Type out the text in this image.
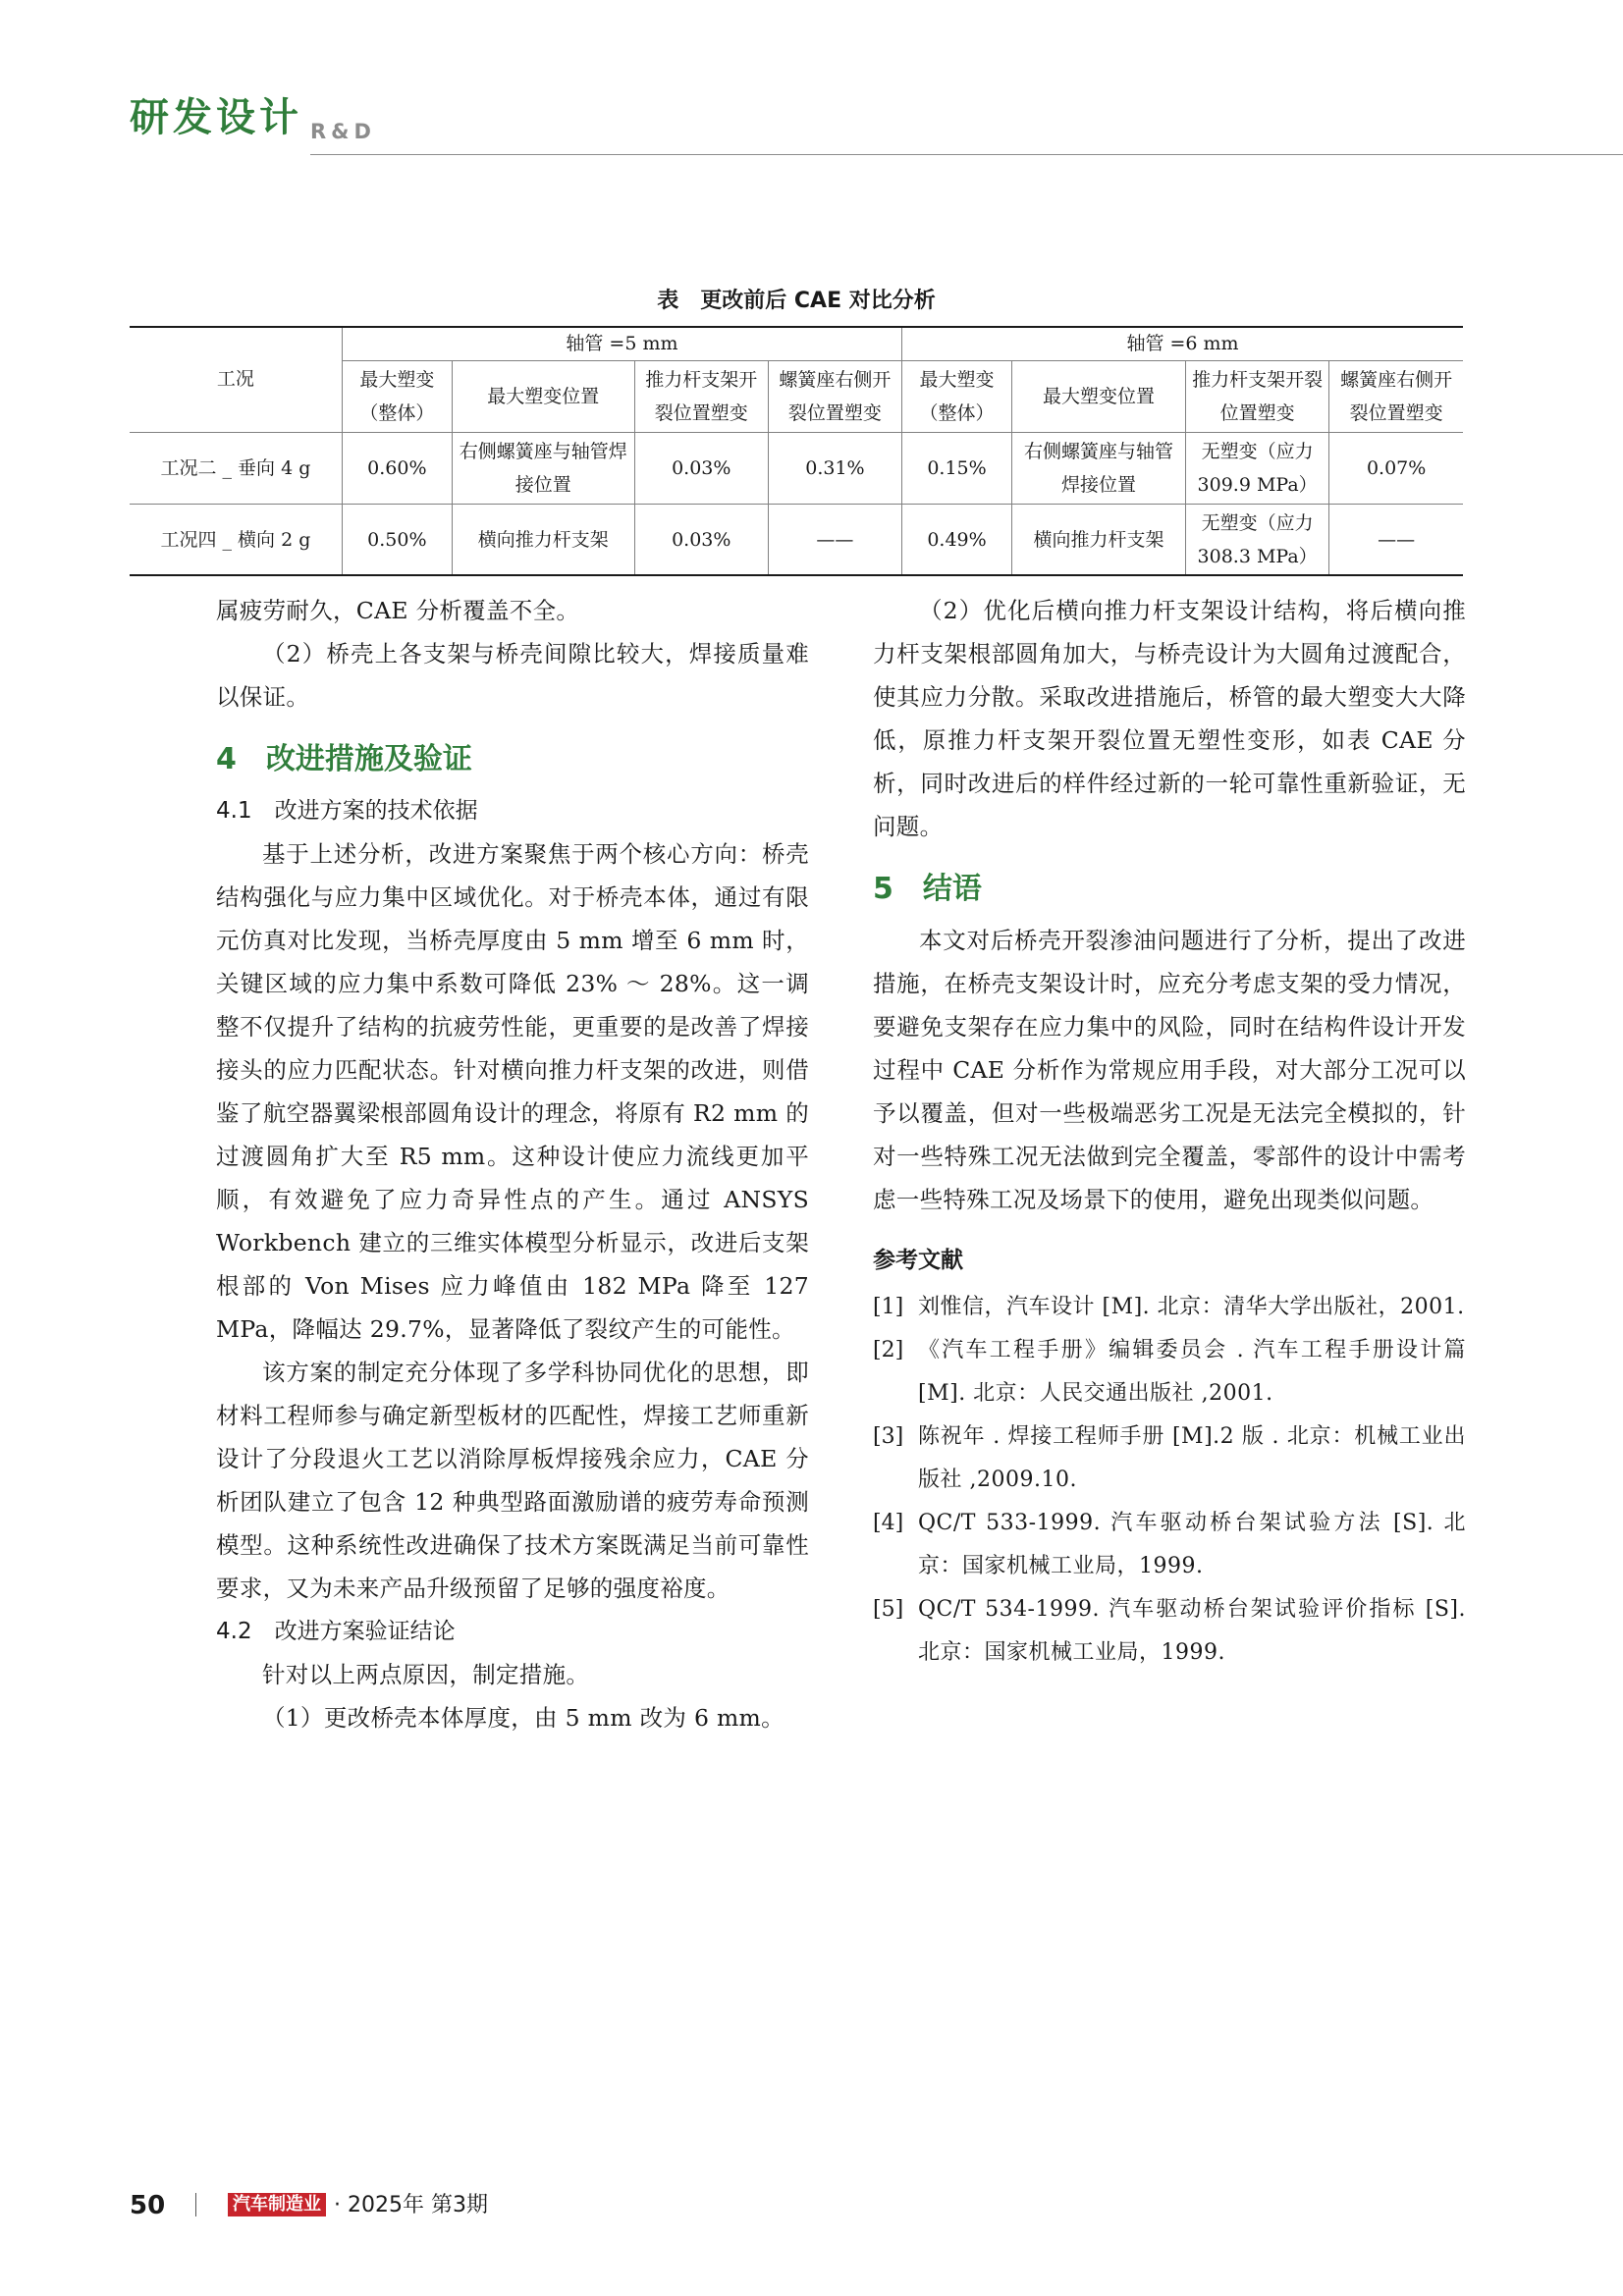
研发设计 R&D
表　更改前后 CAE 对比分析
工况	轴管 =5 mm				轴管 =6 mm			
	最大塑变（整体）	最大塑变位置	推力杆支架开裂位置塑变	螺簧座右侧开裂位置塑变	最大塑变（整体）	最大塑变位置	推力杆支架开裂位置塑变	螺簧座右侧开裂位置塑变
工况二 _ 垂向 4 g	0.60%	右侧螺簧座与轴管焊接位置	0.03%	0.31%	0.15%	右侧螺簧座与轴管焊接位置	无塑变（应力 309.9 MPa）	0.07%
工况四 _ 横向 2 g	0.50%	横向推力杆支架	0.03%	——	0.49%	横向推力杆支架	无塑变（应力 308.3 MPa）	——

属疲劳耐久，CAE 分析覆盖不全。

（2）桥壳上各支架与桥壳间隙比较大，焊接质量难以保证。

4　改进措施及验证
4.1　改进方案的技术依据

基于上述分析，改进方案聚焦于两个核心方向：桥壳结构强化与应力集中区域优化。对于桥壳本体，通过有限元仿真对比发现，当桥壳厚度由 5 mm 增至 6 mm 时，关键区域的应力集中系数可降低 23% ～ 28%。这一调整不仅提升了结构的抗疲劳性能，更重要的是改善了焊接接头的应力匹配状态。针对横向推力杆支架的改进，则借鉴了航空器翼梁根部圆角设计的理念，将原有 R2 mm 的过渡圆角扩大至 R5 mm。这种设计使应力流线更加平顺，有效避免了应力奇异性点的产生。通过 ANSYS Workbench 建立的三维实体模型分析显示，改进后支架根部的 Von Mises 应力峰值由 182 MPa 降至 127 MPa，降幅达 29.7%，显著降低了裂纹产生的可能性。

该方案的制定充分体现了多学科协同优化的思想，即材料工程师参与确定新型板材的匹配性，焊接工艺师重新设计了分段退火工艺以消除厚板焊接残余应力，CAE 分析团队建立了包含 12 种典型路面激励谱的疲劳寿命预测模型。这种系统性改进确保了技术方案既满足当前可靠性要求，又为未来产品升级预留了足够的强度裕度。

4.2　改进方案验证结论

针对以上两点原因，制定措施。

（1）更改桥壳本体厚度，由 5 mm 改为 6 mm。

（2）优化后横向推力杆支架设计结构，将后横向推力杆支架根部圆角加大，与桥壳设计为大圆角过渡配合，使其应力分散。采取改进措施后，桥管的最大塑变大大降低，原推力杆支架开裂位置无塑性变形，如表 CAE 分析，同时改进后的样件经过新的一轮可靠性重新验证，无问题。

5　结语

本文对后桥壳开裂渗油问题进行了分析，提出了改进措施，在桥壳支架设计时，应充分考虑支架的受力情况，要避免支架存在应力集中的风险，同时在结构件设计开发过程中 CAE 分析作为常规应用手段，对大部分工况可以予以覆盖，但对一些极端恶劣工况是无法完全模拟的，针对一些特殊工况无法做到完全覆盖，零部件的设计中需考虑一些特殊工况及场景下的使用，避免出现类似问题。

参考文献
[1] 刘惟信，汽车设计 [M]. 北京：清华大学出版社，2001.
[2] 《汽车工程手册》编辑委员会 . 汽车工程手册设计篇 [M]. 北京：人民交通出版社 ,2001.
[3] 陈祝年 . 焊接工程师手册 [M].2 版 . 北京：机械工业出版社 ,2009.10.
[4] QC/T 533-1999. 汽车驱动桥台架试验方法 [S]. 北京：国家机械工业局，1999.
[5] QC/T 534-1999. 汽车驱动桥台架试验评价指标 [S]. 北京：国家机械工业局，1999.
50	汽车制造业 · 2025年 第3期
